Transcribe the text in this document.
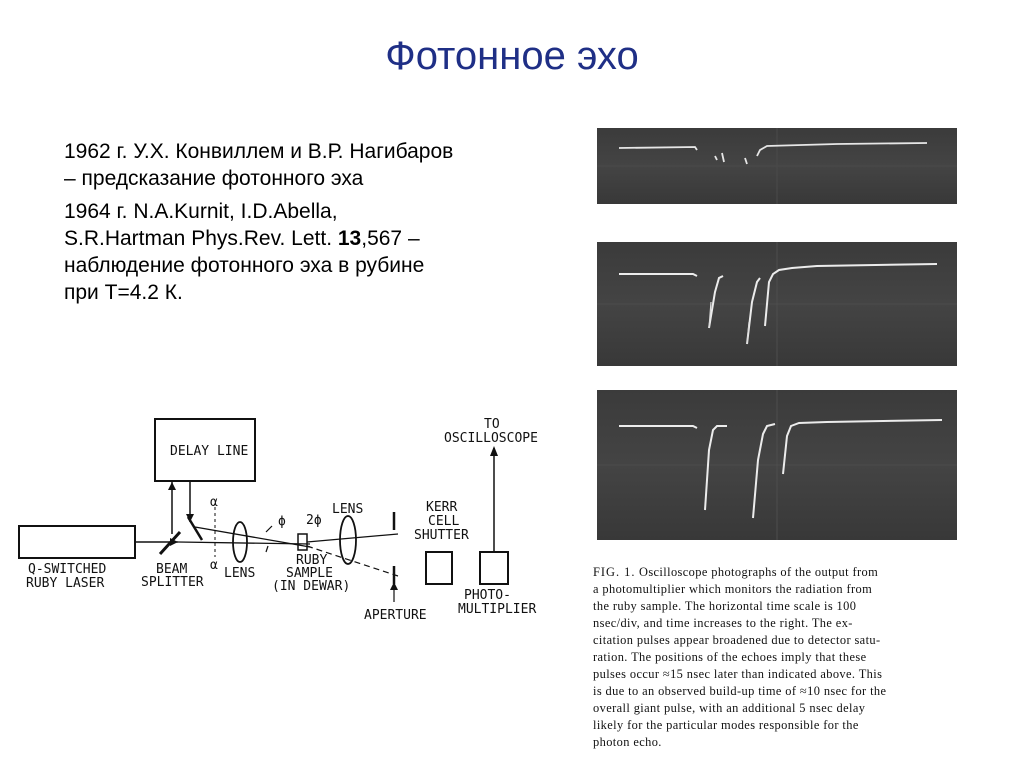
Фотонное эхо

1962 г. У.Х. Конвиллем и В.Р. Нагибаров
– предсказание фотонного эха

1964 г. N.A.Kurnit, I.D.Abella,
S.R.Hartman Phys.Rev. Lett. 13,567 –
наблюдение фотонного эха в рубине
при Т=4.2 К.

DELAY LINE
Q-SWITCHED
RUBY LASER
BEAM
SPLITTER
α
α
LENS
ϕ 2ϕ
RUBY
SAMPLE
(IN DEWAR)
LENS
APERTURE
KERR
CELL
SHUTTER
PHOTO-
MULTIPLIER
TO
OSCILLOSCOPE
FIG. 1. Oscilloscope photographs of the output from
a photomultiplier which monitors the radiation from
the ruby sample. The horizontal time scale is 100
nsec/div, and time increases to the right. The ex-
citation pulses appear broadened due to detector satu-
ration. The positions of the echoes imply that these
pulses occur ≈15 nsec later than indicated above. This
is due to an observed build-up time of ≈10 nsec for the
overall giant pulse, with an additional 5 nsec delay
likely for the particular modes responsible for the
photon echo.
